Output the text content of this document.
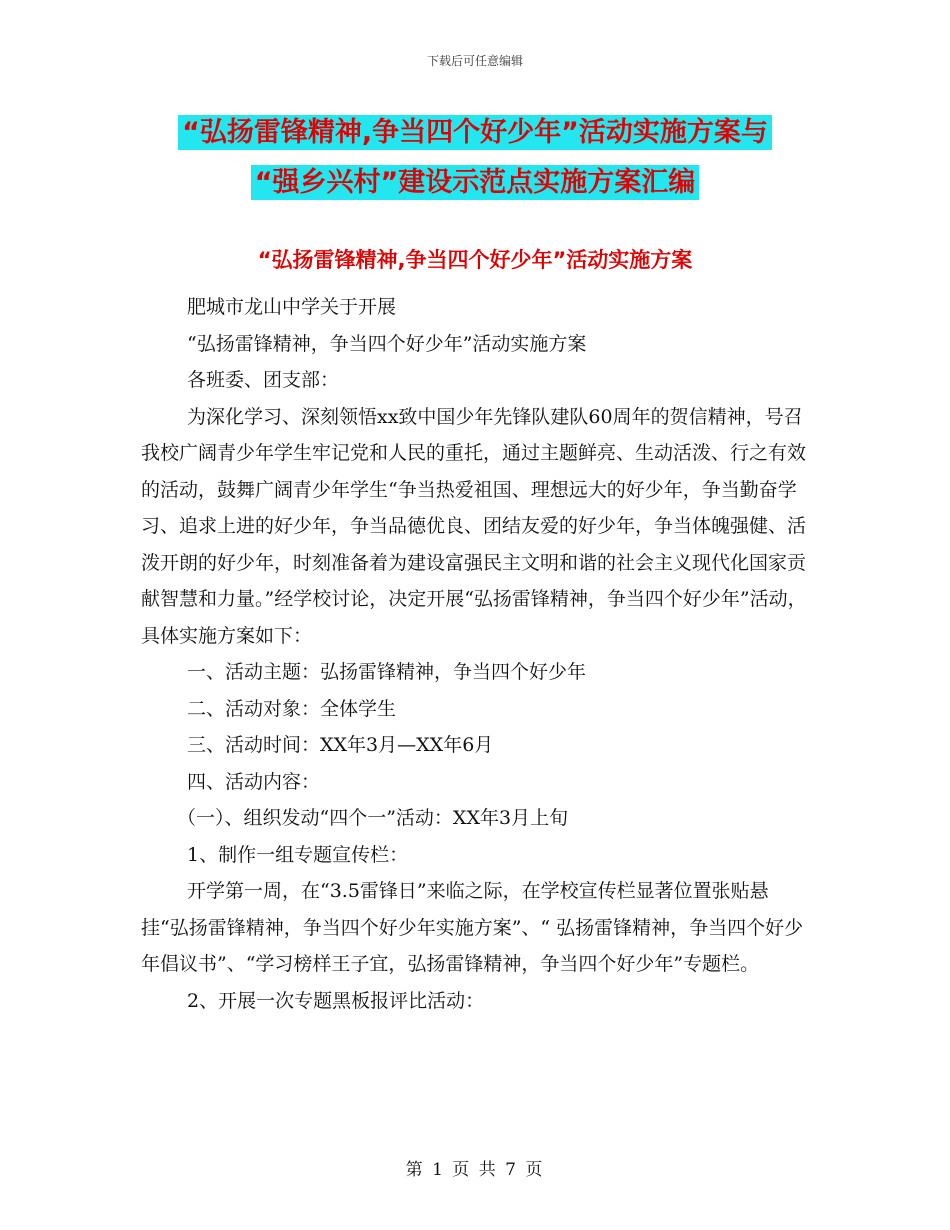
下载后可任意编辑
“弘扬雷锋精神,争当四个好少年”活动实施方案与
“强乡兴村”建设示范点实施方案汇编
“弘扬雷锋精神,争当四个好少年”活动实施方案

肥城市龙山中学关于开展

“弘扬雷锋精神，争当四个好少年”活动实施方案

各班委、团支部：

为深化学习、深刻领悟xx致中国少年先锋队建队60周年的贺信精神，号召我校广阔青少年学生牢记党和人民的重托，通过主题鲜亮、生动活泼、行之有效的活动，鼓舞广阔青少年学生“争当热爱祖国、理想远大的好少年，争当勤奋学习、追求上进的好少年，争当品德优良、团结友爱的好少年，争当体魄强健、活泼开朗的好少年，时刻准备着为建设富强民主文明和谐的社会主义现代化国家贡献智慧和力量。”经学校讨论，决定开展“弘扬雷锋精神，争当四个好少年”活动，具体实施方案如下：

一、活动主题：弘扬雷锋精神，争当四个好少年

二、活动对象：全体学生

三、活动时间：XX年3月—XX年6月

四、活动内容：

（一）、组织发动“四个一”活动：XX年3月上旬

1、制作一组专题宣传栏：

开学第一周，在“3.5雷锋日”来临之际，在学校宣传栏显著位置张贴悬挂“弘扬雷锋精神，争当四个好少年实施方案”、“ 弘扬雷锋精神，争当四个好少年倡议书”、“学习榜样王子宜，弘扬雷锋精神，争当四个好少年”专题栏。

2、开展一次专题黑板报评比活动：

第 1 页 共 7 页
